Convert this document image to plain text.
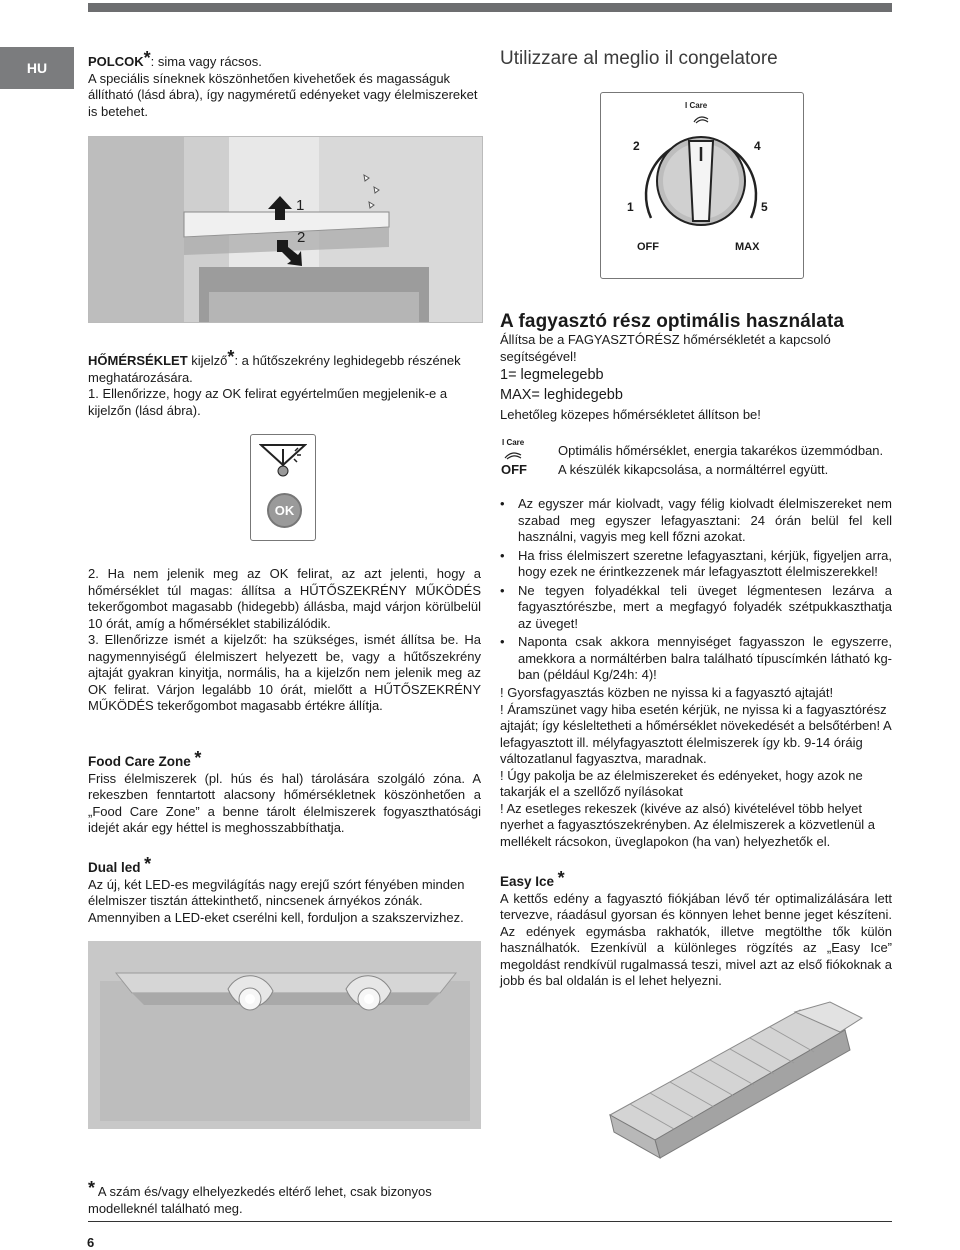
HU	POLCOK*: sima vagy rácsos.

A speciális síneknek köszönhetően kivehetőek és magasságuk állítható (lásd ábra), így nagyméretű edényeket vagy élelmiszereket is betehet.

1
2
Utilizzare al meglio il congelatore
I Care
2	4
1	5
OFF	MAX

HŐMÉRSÉKLET kijelző*: a hűtőszekrény leghidegebb részének meghatározására.

1. Ellenőrizze, hogy az OK felirat egyértelműen megjelenik-e a kijelzőn (lásd ábra).

OK

2. Ha nem jelenik meg az OK felirat, az azt jelenti, hogy a hőmérséklet túl magas: állítsa a HŰTŐSZEKRÉNY MŰKÖDÉS tekerőgombot magasabb (hidegebb) állásba, majd várjon körülbelül 10 órát, amíg a hőmérséklet stabilizálódik.

3. Ellenőrizze ismét a kijelzőt: ha szükséges, ismét állítsa be. Ha nagymennyiségű élelmiszert helyezett be, vagy a hűtőszekrény ajtaját gyakran kinyitja, normális, ha a kijelzőn nem jelenik meg az OK felirat. Várjon legalább 10 órát, mielőtt a HŰTŐSZEKRÉNY MŰKÖDÉS tekerőgombot magasabb értékre állítja.

Food Care Zone *

Friss élelmiszerek (pl. hús és hal) tárolására szolgáló zóna. A rekeszben fenntartott alacsony hőmérsékletnek köszönhetően a „Food Care Zone” a benne tárolt élelmiszerek fogyaszthatósági idejét akár egy héttel is meghosszabbíthatja.

Dual led *

Az új, két LED-es megvilágítás nagy erejű szórt fényében minden élelmiszer tisztán áttekinthető, nincsenek árnyékos zónák. Amennyiben a LED-eket cserélni kell, forduljon a szakszervizhez.

A fagyasztó rész optimális használata

Állítsa be a FAGYASZTÓRÉSZ hőmérsékletét a kapcsoló segítségével!

1= legmelegebb

MAX= leghidegebb

Lehetőleg közepes hőmérsékletet állítson be!

I Care
Optimális hőmérséklet, energia takarékos üzemmódban.
OFF A készülék kikapcsolása, a normáltérrel együtt.
• Az egyszer már kiolvadt, vagy félig kiolvadt élelmiszereket nem szabad meg egyszer lefagyasztani: 24 órán belül fel kell használni, vagyis meg kell főzni azokat.
• Ha friss élelmiszert szeretne lefagyasztani, kérjük, figyeljen arra, hogy ezek ne érintkezzenek már lefagyasztott élelmiszerekkel!
• Ne tegyen folyadékkal teli üveget légmentesen lezárva a fagyasztórészbe, mert a megfagyó folyadék szétpukkaszthatja az üveget!
• Naponta csak akkora mennyiséget fagyasszon le egyszerre, amekkora a normáltérben balra található típuscímkén látható kg-ban (például Kg/24h: 4)!

! Gyorsfagyasztás közben ne nyissa ki a fagyasztó ajtaját!

! Áramszünet vagy hiba esetén kérjük, ne nyissa ki a fagyasztórész ajtaját; így késleltetheti a hőmérséklet növekedését a belsőtérben! A lefagyasztott ill. mélyfagyasztott élelmiszerek így kb. 9-14 óráig változatlanul fagyasztva, maradnak.

! Úgy pakolja be az élelmiszereket és edényeket, hogy azok ne takarják el a szellőző nyílásokat

! Az esetleges rekeszek (kivéve az alsó) kivételével több helyet nyerhet a fagyasztószekrényben. Az élelmiszerek a közvetlenül a mellékelt rácsokon, üveglapokon (ha van) helyezhetők el.

Easy Ice *

A kettős edény a fagyasztó fiókjában lévő tér optimalizálására lett tervezve, ráadásul gyorsan és könnyen lehet benne jeget készíteni. Az edények egymásba rakhatók, illetve megtölthe tők külön használhatók. Ezenkívül a különleges rögzítés az „Easy Ice” megoldást rendkívül rugalmassá teszi, mivel azt az első fiókoknak a jobb és bal oldalán is el lehet helyezni.

* A szám és/vagy elhelyezkedés eltérő lehet, csak bizonyos modelleknél található meg.

6
